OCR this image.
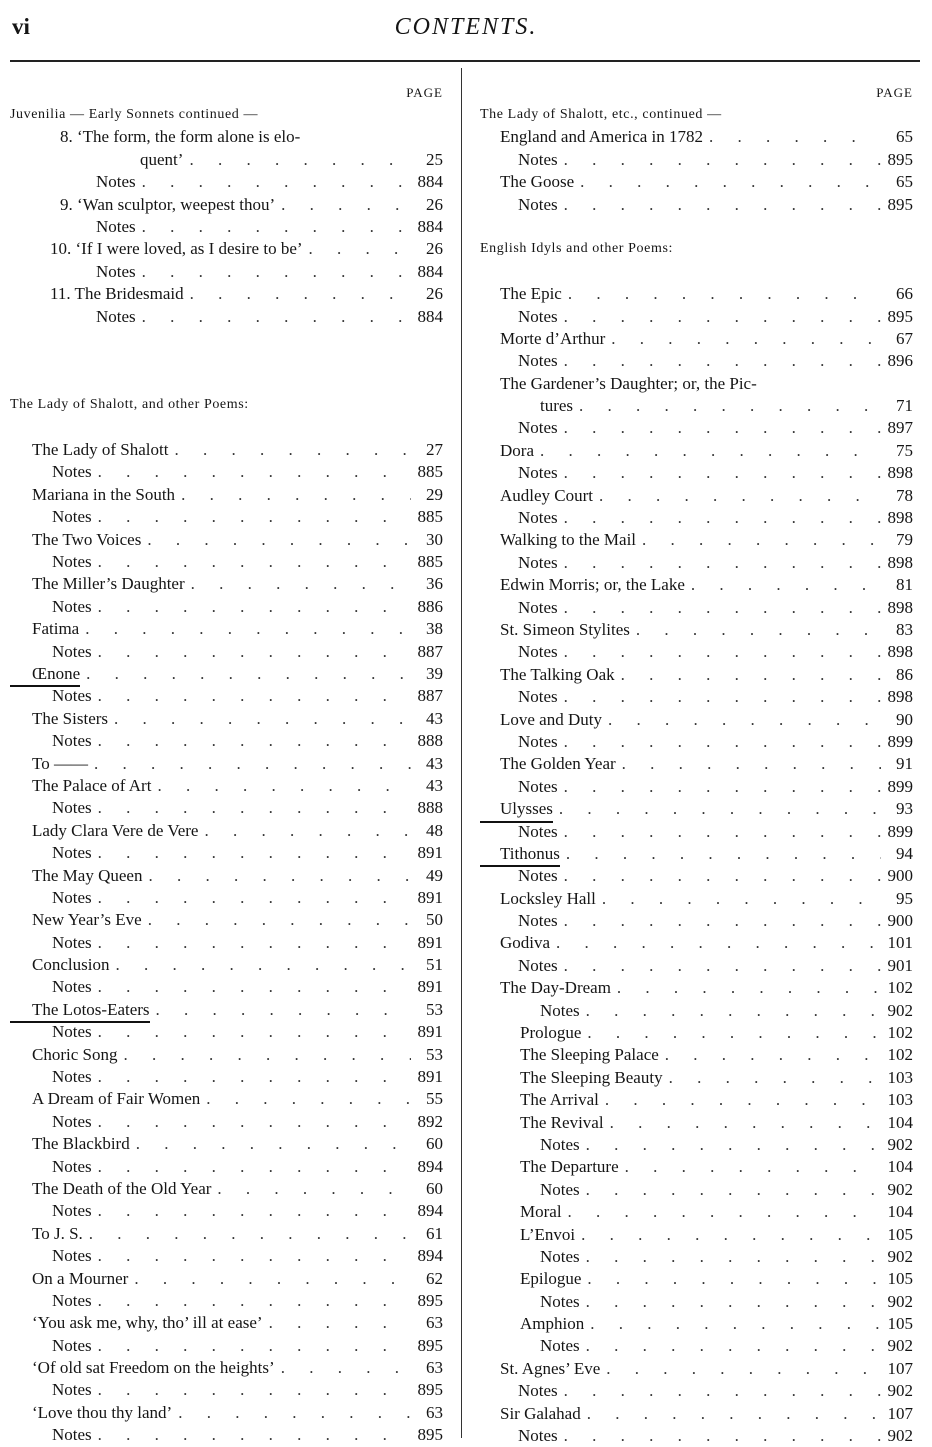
vi	CONTENTS.
PAGE
Juvenilia — Early Sonnets continued —
8. ‘The form, the form alone is elo-
quent’ . . .	25
Notes . . .	884
9. ‘Wan sculptor, weepest thou’ . . .	26
Notes . . .	884
10. ‘If I were loved, as I desire to be’ . . .	26
Notes . . .	884
11. The Bridesmaid . . .	26
Notes . . .	884
The Lady of Shalott, and other Poems:
The Lady of Shalott . . .	27
Notes . . .	885
Mariana in the South . . .	29
Notes . . .	885
The Two Voices . . .	30
Notes . . .	885
The Miller’s Daughter . . .	36
Notes . . .	886
Fatima . . .	38
Notes . . .	887
Œnone . . .	39
Notes . . .	887
The Sisters . . .	43
Notes . . .	888
To —— . . .	43
The Palace of Art . . .	43
Notes . . .	888
Lady Clara Vere de Vere . . .	48
Notes . . .	891
The May Queen . . .	49
Notes . . .	891
New Year’s Eve . . .	50
Notes . . .	891
Conclusion . . .	51
Notes . . .	891
The Lotos-Eaters . . .	53
Notes . . .	891
Choric Song . . .	53
Notes . . .	891
A Dream of Fair Women . . .	55
Notes . . .	892
The Blackbird . . .	60
Notes . . .	894
The Death of the Old Year . . .	60
Notes . . .	894
To J. S. . . .	61
Notes . . .	894
On a Mourner . . .	62
Notes . . .	895
‘You ask me, why, tho’ ill at ease’ . . .	63
Notes . . .	895
‘Of old sat Freedom on the heights’ . . .	63
Notes . . .	895
‘Love thou thy land’ . . .	63
Notes . . .	895
PAGE
The Lady of Shalott, etc., continued —
England and America in 1782 . . .	65
Notes . . .	895
The Goose . . .	65
Notes . . .	895
English Idyls and other Poems:
The Epic . . .	66
Notes . . .	895
Morte d’Arthur . . .	67
Notes . . .	896
The Gardener’s Daughter; or, the Pic-
tures . . .	71
Notes . . .	897
Dora . . .	75
Notes . . .	898
Audley Court . . .	78
Notes . . .	898
Walking to the Mail . . .	79
Notes . . .	898
Edwin Morris; or, the Lake . . .	81
Notes . . .	898
St. Simeon Stylites . . .	83
Notes . . .	898
The Talking Oak . . .	86
Notes . . .	898
Love and Duty . . .	90
Notes . . .	899
The Golden Year . . .	91
Notes . . .	899
Ulysses . . .	93
Notes . . .	899
Tithonus . . .	94
Notes . . .	900
Locksley Hall . . .	95
Notes . . .	900
Godiva . . .	101
Notes . . .	901
The Day-Dream . . .	102
Notes . . .	902
Prologue . . .	102
The Sleeping Palace . . .	102
The Sleeping Beauty . . .	103
The Arrival . . .	103
The Revival . . .	104
Notes . . .	902
The Departure . . .	104
Notes . . .	902
Moral . . .	104
L’Envoi . . .	105
Notes . . .	902
Epilogue . . .	105
Notes . . .	902
Amphion . . .	105
Notes . . .	902
St. Agnes’ Eve . . .	107
Notes . . .	902
Sir Galahad . . .	107
Notes . . .	902
